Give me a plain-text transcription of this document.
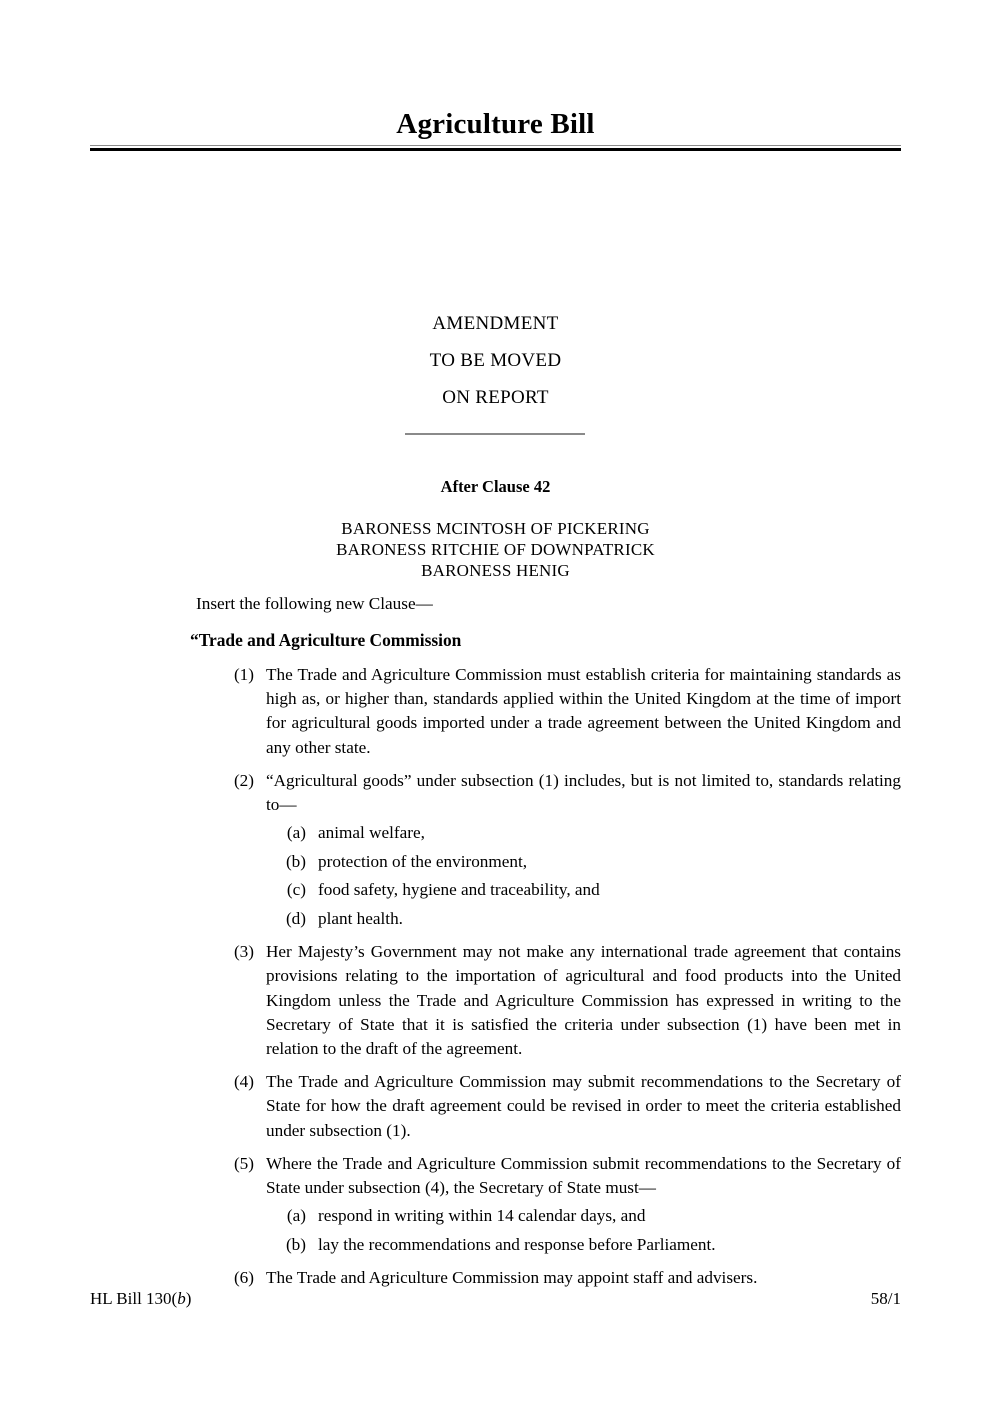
Agriculture Bill
AMENDMENT
TO BE MOVED
ON REPORT
After Clause 42
BARONESS MCINTOSH OF PICKERING
BARONESS RITCHIE OF DOWNPATRICK
BARONESS HENIG
Insert the following new Clause—
“Trade and Agriculture Commission
(1) The Trade and Agriculture Commission must establish criteria for maintaining standards as high as, or higher than, standards applied within the United Kingdom at the time of import for agricultural goods imported under a trade agreement between the United Kingdom and any other state.
(2) “Agricultural goods” under subsection (1) includes, but is not limited to, standards relating to—
(a) animal welfare,
(b) protection of the environment,
(c) food safety, hygiene and traceability, and
(d) plant health.
(3) Her Majesty’s Government may not make any international trade agreement that contains provisions relating to the importation of agricultural and food products into the United Kingdom unless the Trade and Agriculture Commission has expressed in writing to the Secretary of State that it is satisfied the criteria under subsection (1) have been met in relation to the draft of the agreement.
(4) The Trade and Agriculture Commission may submit recommendations to the Secretary of State for how the draft agreement could be revised in order to meet the criteria established under subsection (1).
(5) Where the Trade and Agriculture Commission submit recommendations to the Secretary of State under subsection (4), the Secretary of State must—
(a) respond in writing within 14 calendar days, and
(b) lay the recommendations and response before Parliament.
(6) The Trade and Agriculture Commission may appoint staff and advisers.
HL Bill 130(b)	58/1
